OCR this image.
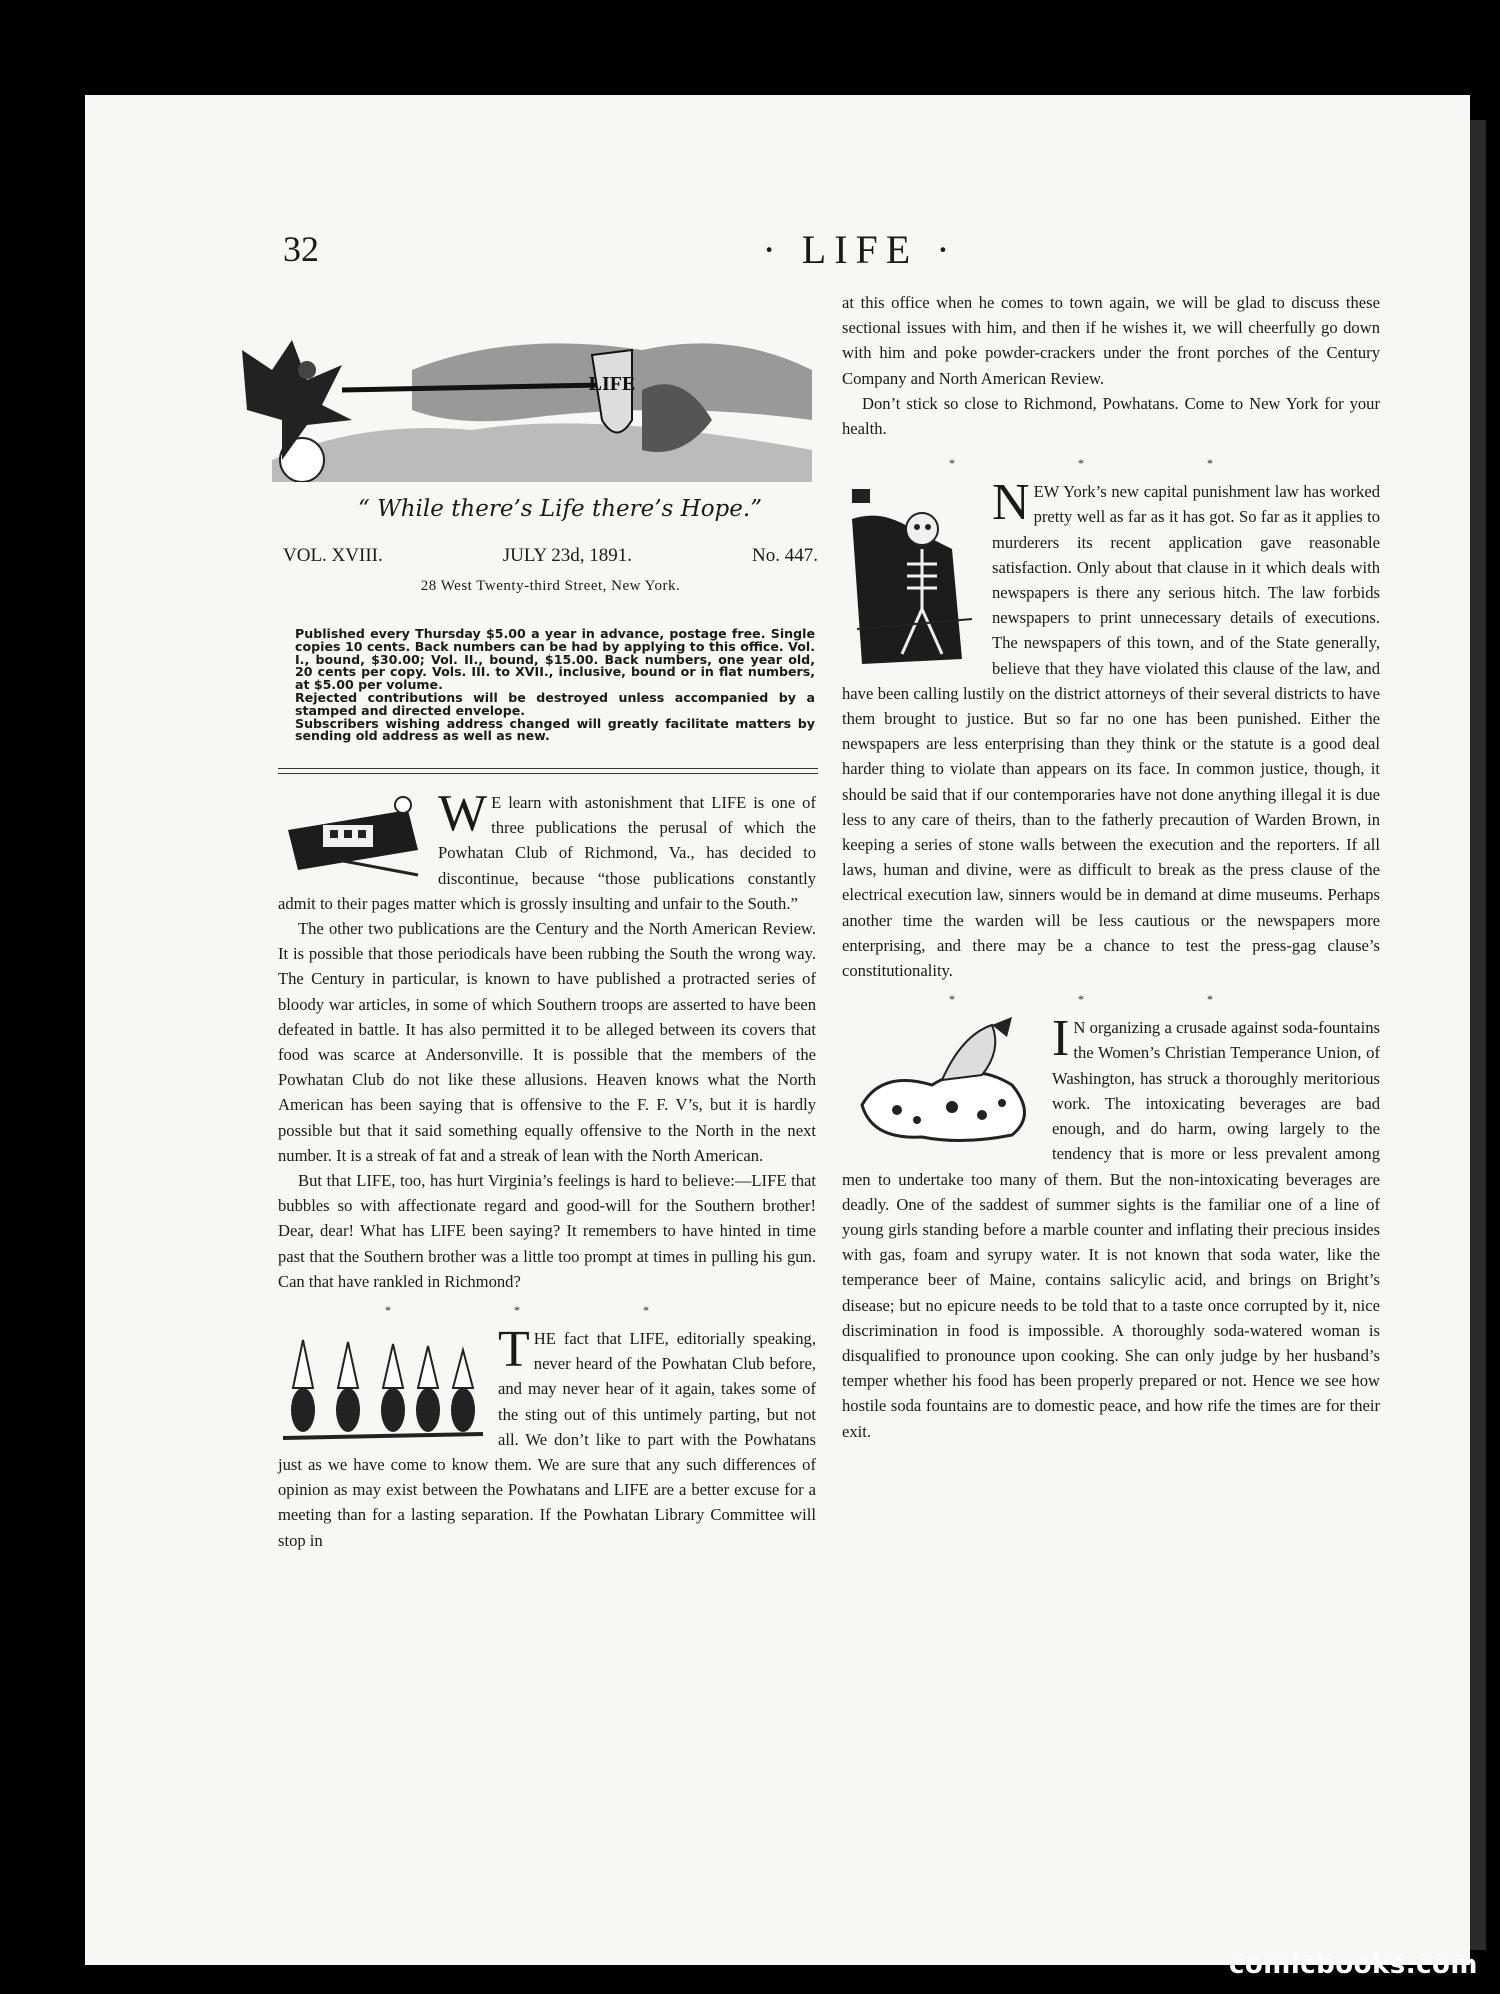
32	· LIFE ·
LIFE
“ While there’s Life there’s Hope.”
VOL. XVIII.	JULY 23d, 1891.	No. 447.
28 West Twenty-third Street, New York.

Published every Thursday $5.00 a year in advance, postage free. Single copies 10 cents. Back numbers can be had by applying to this office. Vol. I., bound, $30.00; Vol. II., bound, $15.00. Back numbers, one year old, 20 cents per copy. Vols. III. to XVII., inclusive, bound or in flat numbers, at $5.00 per volume.

Rejected contributions will be destroyed unless accompanied by a stamped and directed envelope.

Subscribers wishing address changed will greatly facilitate matters by sending old address as well as new.

W E learn with astonishment that LIFE is one of three publications the perusal of which the Powhatan Club of Richmond, Va., has decided to discontinue, because “those publications constantly admit to their pages matter which is grossly insulting and unfair to the South.”

The other two publications are the Century and the North American Review. It is possible that those periodicals have been rubbing the South the wrong way. The Century in particular, is known to have published a protracted series of bloody war articles, in some of which Southern troops are asserted to have been defeated in battle. It has also permitted it to be alleged between its covers that food was scarce at Andersonville. It is possible that the members of the Powhatan Club do not like these allusions. Heaven knows what the North American has been saying that is offensive to the F. F. V’s, but it is hardly possible but that it said something equally offensive to the North in the next number. It is a streak of fat and a streak of lean with the North American.

But that LIFE, too, has hurt Virginia’s feelings is hard to believe:—LIFE that bubbles so with affectionate regard and good-will for the Southern brother! Dear, dear! What has LIFE been saying? It remembers to have hinted in time past that the Southern brother was a little too prompt at times in pulling his gun. Can that have rankled in Richmond?

* * *

THE fact that LIFE, editorially speaking, never heard of the Powhatan Club before, and may never hear of it again, takes some of the sting out of this untimely parting, but not all. We don’t like to part with the Powhatans just as we have come to know them. We are sure that any such differences of opinion as may exist between the Powhatans and LIFE are a better excuse for a meeting than for a lasting separation. If the Powhatan Library Committee will stop in

at this office when he comes to town again, we will be glad to discuss these sectional issues with him, and then if he wishes it, we will cheerfully go down with him and poke powder-crackers under the front porches of the Century Company and North American Review.

Don’t stick so close to Richmond, Powhatans. Come to New York for your health.

* * *

NEW York’s new capital punishment law has worked pretty well as far as it has got. So far as it applies to murderers its recent application gave reasonable satisfaction. Only about that clause in it which deals with newspapers is there any serious hitch. The law forbids newspapers to print unnecessary details of executions. The newspapers of this town, and of the State generally, believe that they have violated this clause of the law, and have been calling lustily on the district attorneys of their several districts to have them brought to justice. But so far no one has been punished. Either the newspapers are less enterprising than they think or the statute is a good deal harder thing to violate than appears on its face. In common justice, though, it should be said that if our contemporaries have not done anything illegal it is due less to any care of theirs, than to the fatherly precaution of Warden Brown, in keeping a series of stone walls between the execution and the reporters. If all laws, human and divine, were as difficult to break as the press clause of the electrical execution law, sinners would be in demand at dime museums. Perhaps another time the warden will be less cautious or the newspapers more enterprising, and there may be a chance to test the press-gag clause’s constitutionality.

* * *

I N organizing a crusade against soda-fountains the Women’s Christian Temperance Union, of Washington, has struck a thoroughly meritorious work. The intoxicating beverages are bad enough, and do harm, owing largely to the tendency that is more or less prevalent among men to undertake too many of them. But the non-intoxicating beverages are deadly. One of the saddest of summer sights is the familiar one of a line of young girls standing before a marble counter and inflating their precious insides with gas, foam and syrupy water. It is not known that soda water, like the temperance beer of Maine, contains salicylic acid, and brings on Bright’s disease; but no epicure needs to be told that to a taste once corrupted by it, nice discrimination in food is impossible. A thoroughly soda-watered woman is disqualified to pronounce upon cooking. She can only judge by her husband’s temper whether his food has been properly prepared or not. Hence we see how hostile soda fountains are to domestic peace, and how rife the times are for their exit.

comicbooks.com
